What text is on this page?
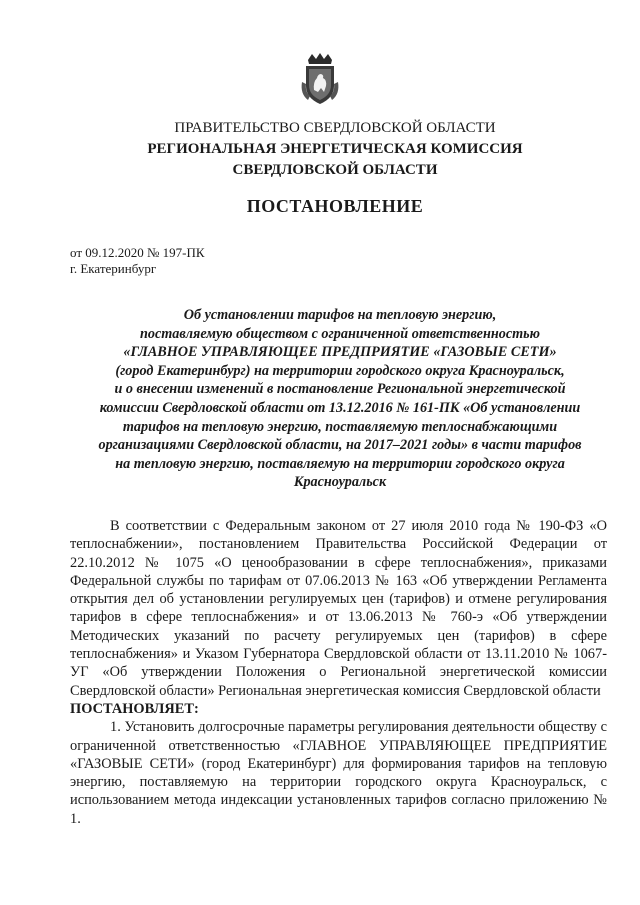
ПРАВИТЕЛЬСТВО СВЕРДЛОВСКОЙ ОБЛАСТИ
РЕГИОНАЛЬНАЯ ЭНЕРГЕТИЧЕСКАЯ КОМИССИЯ
СВЕРДЛОВСКОЙ ОБЛАСТИ
ПОСТАНОВЛЕНИЕ
от 09.12.2020 № 197-ПК
г. Екатеринбург
Об установлении тарифов на тепловую энергию,
поставляемую обществом с ограниченной ответственностью
«ГЛАВНОЕ УПРАВЛЯЮЩЕЕ ПРЕДПРИЯТИЕ «ГАЗОВЫЕ СЕТИ»
(город Екатеринбург) на территории городского округа Красноуральск,
и о внесении изменений в постановление Региональной энергетической
комиссии Свердловской области от 13.12.2016 № 161-ПК «Об установлении
тарифов на тепловую энергию, поставляемую теплоснабжающими
организациями Свердловской области, на 2017–2021 годы» в части тарифов
на тепловую энергию, поставляемую на территории городского округа
Красноуральск

В соответствии с Федеральным законом от 27 июля 2010 года № 190-ФЗ «О теплоснабжении», постановлением Правительства Российской Федерации от 22.10.2012 № 1075 «О ценообразовании в сфере теплоснабжения», приказами Федеральной службы по тарифам от 07.06.2013 № 163 «Об утверждении Регламента открытия дел об установлении регулируемых цен (тарифов) и отмене регулирования тарифов в сфере теплоснабжения» и от 13.06.2013 № 760-э «Об утверждении Методических указаний по расчету регулируемых цен (тарифов) в сфере теплоснабжения» и Указом Губернатора Свердловской области от 13.11.2010 № 1067-УГ «Об утверждении Положения о Региональной энергетической комиссии Свердловской области» Региональная энергетическая комиссия Свердловской области

ПОСТАНОВЛЯЕТ:

1. Установить долгосрочные параметры регулирования деятельности обществу с ограниченной ответственностью «ГЛАВНОЕ УПРАВЛЯЮЩЕЕ ПРЕДПРИЯТИЕ «ГАЗОВЫЕ СЕТИ» (город Екатеринбург) для формирования тарифов на тепловую энергию, поставляемую на территории городского округа Красноуральск, с использованием метода индексации установленных тарифов согласно приложению № 1.
